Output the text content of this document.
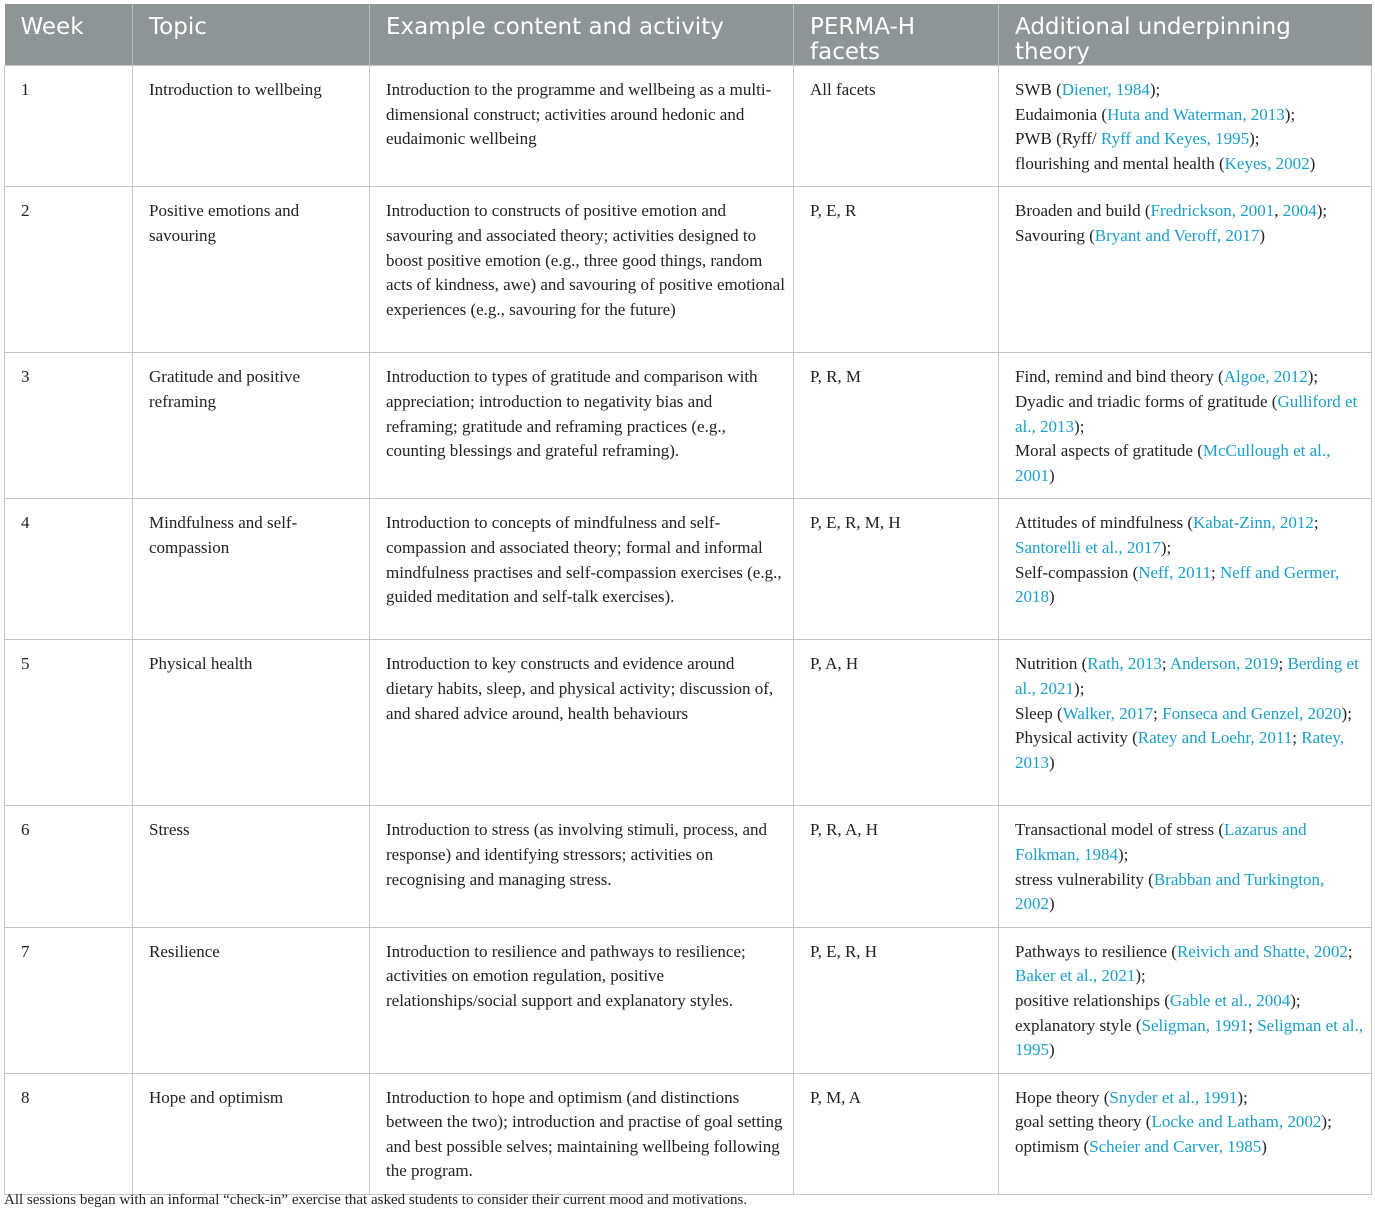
Week	Topic	Example content and activity	PERMA-H facets	Additional underpinning theory
1	Introduction to wellbeing	Introduction to the programme and wellbeing as a multi-dimensional construct; activities around hedonic and eudaimonic wellbeing	All facets	SWB (Diener, 1984);
Eudaimonia (Huta and Waterman, 2013);
PWB (Ryff/ Ryff and Keyes, 1995);
flourishing and mental health (Keyes, 2002)

2	Positive emotions and savouring	Introduction to constructs of positive emotion and savouring and associated theory; activities designed to boost positive emotion (e.g., three good things, random acts of kindness, awe) and savouring of positive emotional experiences (e.g., savouring for the future)	P, E, R	Broaden and build (Fredrickson, 2001, 2004);
Savouring (Bryant and Veroff, 2017)

3	Gratitude and positive reframing	Introduction to types of gratitude and comparison with appreciation; introduction to negativity bias and reframing; gratitude and reframing practices (e.g., counting blessings and grateful reframing).	P, R, M	Find, remind and bind theory (Algoe, 2012);
Dyadic and triadic forms of gratitude (Gulliford et al., 2013);
Moral aspects of gratitude (McCullough et al., 2001)

4	Mindfulness and self-compassion	Introduction to concepts of mindfulness and self-compassion and associated theory; formal and informal mindfulness practises and self-compassion exercises (e.g., guided meditation and self-talk exercises).	P, E, R, M, H	Attitudes of mindfulness (Kabat-Zinn, 2012; Santorelli et al., 2017);
Self-compassion (Neff, 2011; Neff and Germer, 2018)

5	Physical health	Introduction to key constructs and evidence around dietary habits, sleep, and physical activity; discussion of, and shared advice around, health behaviours	P, A, H	Nutrition (Rath, 2013; Anderson, 2019; Berding et al., 2021);
Sleep (Walker, 2017; Fonseca and Genzel, 2020);
Physical activity (Ratey and Loehr, 2011; Ratey, 2013)

6	Stress	Introduction to stress (as involving stimuli, process, and response) and identifying stressors; activities on recognising and managing stress.	P, R, A, H	Transactional model of stress (Lazarus and Folkman, 1984);
stress vulnerability (Brabban and Turkington, 2002)

7	Resilience	Introduction to resilience and pathways to resilience; activities on emotion regulation, positive relationships/social support and explanatory styles.	P, E, R, H	Pathways to resilience (Reivich and Shatte, 2002; Baker et al., 2021);
positive relationships (Gable et al., 2004);
explanatory style (Seligman, 1991; Seligman et al., 1995)

8	Hope and optimism	Introduction to hope and optimism (and distinctions between the two); introduction and practise of goal setting and best possible selves; maintaining wellbeing following the program.	P, M, A	Hope theory (Snyder et al., 1991);
goal setting theory (Locke and Latham, 2002);
optimism (Scheier and Carver, 1985)
All sessions began with an informal “check-in” exercise that asked students to consider their current mood and motivations.
